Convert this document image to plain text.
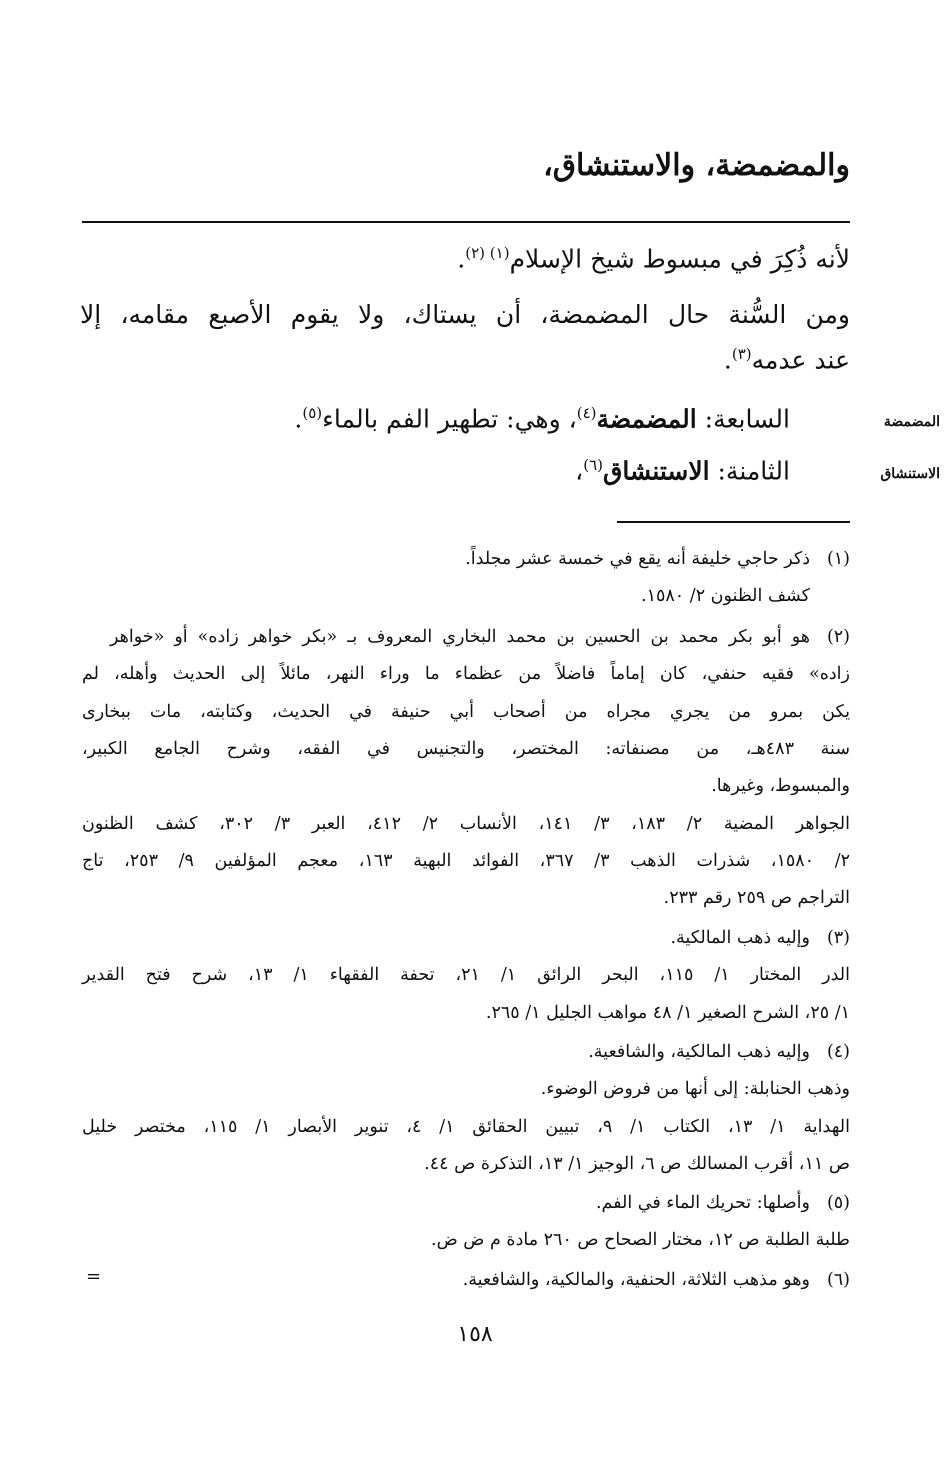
والمضمضة، والاستنشاق،
لأنه ذُكِرَ في مبسوط شيخ الإسلام$^{(١) (٢)}$.
ومن السُّنة حال المضمضة، أن يستاك، ولا يقوم الأصبع مقامه، إلا
عند عدمه$^{(٣)}$.
السابعة: المضمضة$^{(٤)}$، وهي: تطهير الفم بالماء$^{(٥)}$.
الثامنة: الاستنشاق$^{(٦)}$،
المضمضة
الاستنشاق
(١)
ذكر حاجي خليفة أنه يقع في خمسة عشر مجلداً.
كشف الظنون ٢/ ١٥٨٠.
(٢)
هو أبو بكر محمد بن الحسين بن محمد البخاري المعروف بـ «بكر خواهر زاده» أو «خواهر
زاده» فقيه حنفي، كان إماماً فاضلاً من عظماء ما وراء النهر، مائلاً إلى الحديث وأهله، لم
يكن بمرو من يجري مجراه من أصحاب أبي حنيفة في الحديث، وكتابته، مات ببخارى
سنة ٤٨٣هـ، من مصنفاته: المختصر، والتجنيس في الفقه، وشرح الجامع الكبير،
والمبسوط، وغيرها.
الجواهر المضية ٢/ ١٨٣، ٣/ ١٤١، الأنساب ٢/ ٤١٢، العبر ٣/ ٣٠٢، كشف الظنون
٢/ ١٥٨٠، شذرات الذهب ٣/ ٣٦٧، الفوائد البهية ١٦٣، معجم المؤلفين ٩/ ٢٥٣، تاج
التراجم ص ٢٥٩ رقم ٢٣٣.
(٣)
وإليه ذهب المالكية.
الدر المختار ١/ ١١٥، البحر الرائق ١/ ٢١، تحفة الفقهاء ١/ ١٣، شرح فتح القدير
١/ ٢٥، الشرح الصغير ١/ ٤٨ مواهب الجليل ١/ ٢٦٥.
(٤)
وإليه ذهب المالكية، والشافعية.
وذهب الحنابلة: إلى أنها من فروض الوضوء.
الهداية ١/ ١٣، الكتاب ١/ ٩، تبيين الحقائق ١/ ٤، تنوير الأبصار ١/ ١١٥، مختصر خليل
ص ١١، أقرب المسالك ص ٦، الوجيز ١/ ١٣، التذكرة ص ٤٤.
(٥)
وأصلها: تحريك الماء في الفم.
طلبة الطلبة ص ١٢، مختار الصحاح ص ٢٦٠ مادة م ض ض.
(٦)
وهو مذهب الثلاثة، الحنفية، والمالكية، والشافعية.
=
١٥٨
